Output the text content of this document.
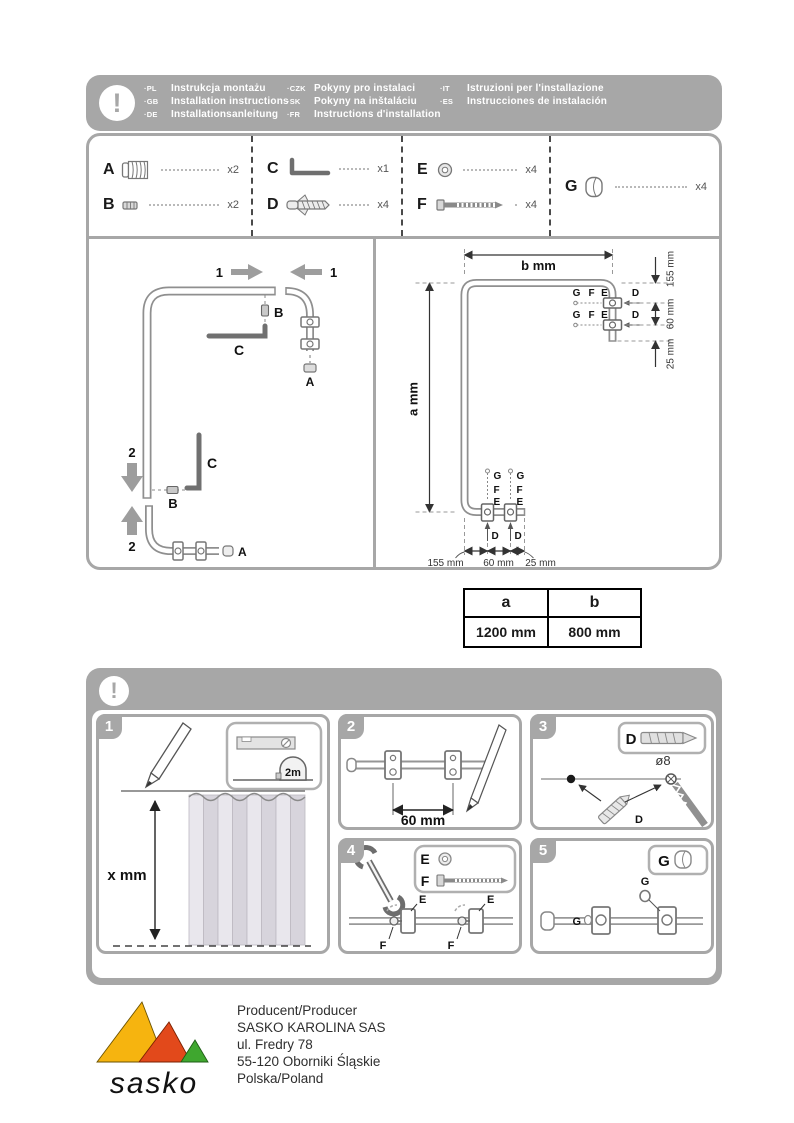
!	·PL	Instrukcja montażu
·GB	Installation instructions
·DE	Installationsanleitung
·CZK Pokyny pro instalaci
·SK	Pokyny na inštaláciu
·FR	Instructions d'installation
·IT	Istruzioni per l'installazione
·ES	Instrucciones de instalación
A	x2
B	x2
C	x1
D	x4
E	x4
F	x4
G	x4
1	1
A
B
C
2
2
B
C
A
b mm
a mm
G F E D
G F E D
155 mm
60 mm
25 mm
G
F
E
D
G
F
E
D
155 mm 60 mm 25 mm
a	b
1200 mm	800 mm
!
1
2m
x mm
2
60 mm
3
D
ø8
D
4	E
F
E	E
F	F
5
G
G
G
sasko
Producent/Producer
SASKO KAROLINA SAS
ul. Fredry 78
55-120 Oborniki Śląskie
Polska/Poland
